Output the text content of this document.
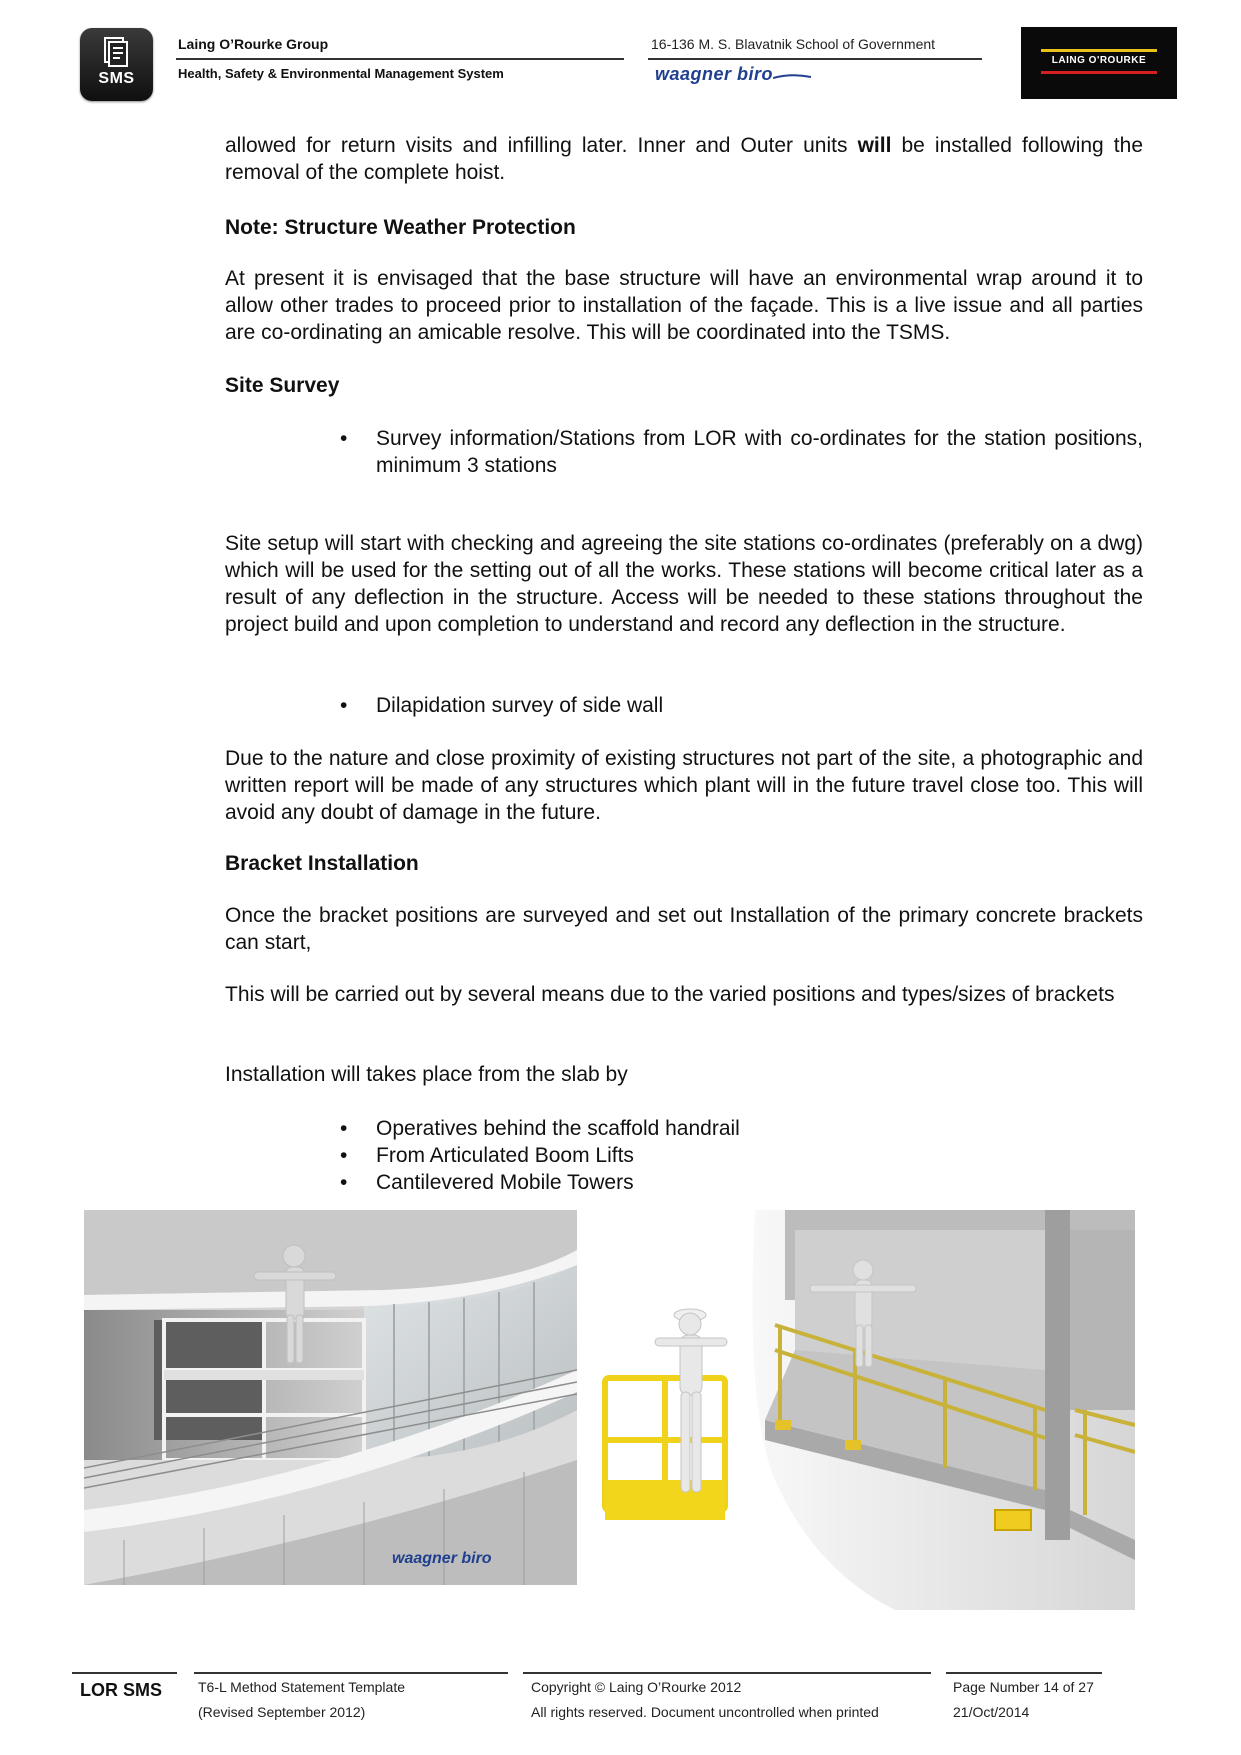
SMS
Laing O’Rourke Group
Health, Safety & Environmental Management System
16-136 M. S. Blavatnik School of Government
waagner biro
LAING O'ROURKE

allowed for return visits and infilling later. Inner and Outer units will be installed following the removal of the complete hoist.

Note: Structure Weather Protection

At present it is envisaged that the base structure will have an environmental wrap around it to allow other trades to proceed prior to installation of the façade. This is a live issue and all parties are co-ordinating an amicable resolve. This will be coordinated into the TSMS.

Site Survey
• Survey information/Stations from LOR with co-ordinates for the station positions, minimum 3 stations

Site setup will start with checking and agreeing the site stations co-ordinates (preferably on a dwg) which will be used for the setting out of all the works. These stations will become critical later as a result of any deflection in the structure. Access will be needed to these stations throughout the project build and upon completion to understand and record any deflection in the structure.

• Dilapidation survey of side wall

Due to the nature and close proximity of existing structures not part of the site, a photographic and written report will be made of any structures which plant will in the future travel close too. This will avoid any doubt of damage in the future.

Bracket Installation

Once the bracket positions are surveyed and set out Installation of the primary concrete brackets can start,

This will be carried out by several means due to the varied positions and types/sizes of brackets

Installation will takes place from the slab by

• Operatives behind the scaffold handrail
• From Articulated Boom Lifts
• Cantilevered Mobile Towers
waagner biro
LOR SMS	T6-L Method Statement Template
(Revised September 2012)
Copyright © Laing O’Rourke 2012
All rights reserved. Document uncontrolled when printed
Page Number 14 of 27
21/Oct/2014
